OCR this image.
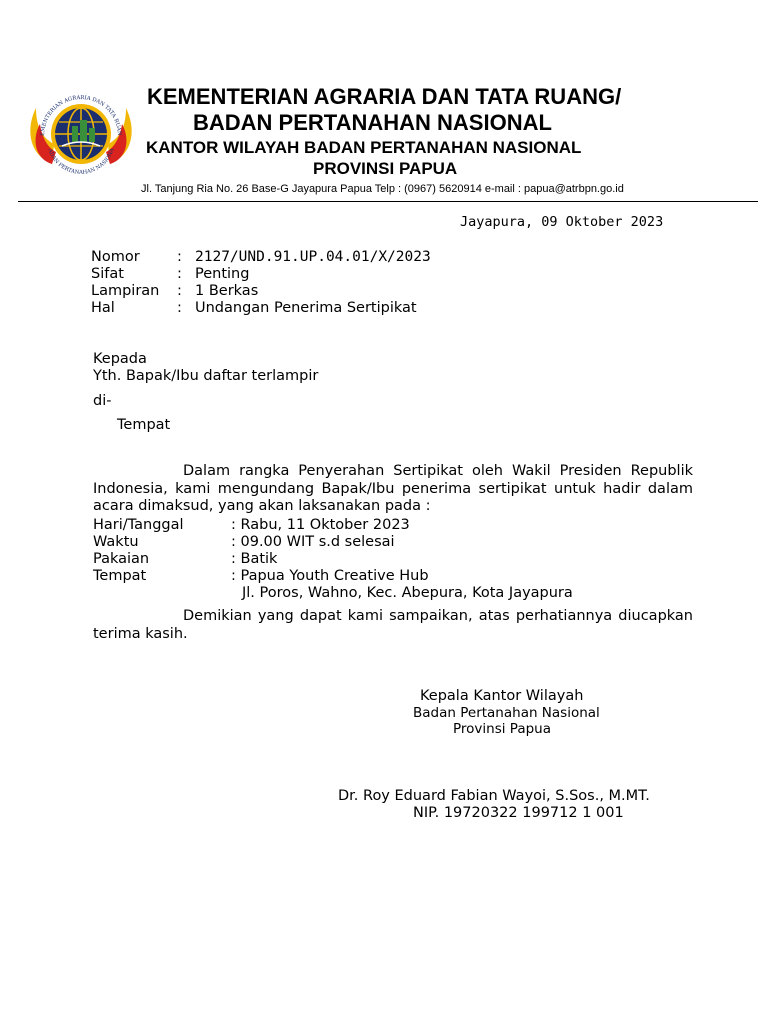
EMENTERIAN AGRARIA DAN TATA RUAN
ADAN PERTANAHAN NASIONA
KEMENTERIAN AGRARIA DAN TATA RUANG/
BADAN PERTANAHAN NASIONAL
KANTOR WILAYAH BADAN PERTANAHAN NASIONAL
PROVINSI PAPUA
Jl. Tanjung Ria No. 26 Base-G Jayapura Papua Telp : (0967) 5620914 e-mail : papua@atrbpn.go.id
Jayapura, 09 Oktober 2023
Nomor	: 2127/UND.91.UP.04.01/X/2023
Sifat	: Penting
Lampiran : 1 Berkas
Hal	: Undangan Penerima Sertipikat
Kepada
Yth. Bapak/Ibu daftar terlampir
di-
Tempat
Dalam rangka Penyerahan Sertipikat oleh Wakil Presiden Republik Indonesia, kami mengundang Bapak/Ibu penerima sertipikat untuk hadir dalam acara dimaksud, yang akan laksanakan pada :
Hari/Tanggal	: Rabu, 11 Oktober 2023
Waktu	: 09.00 WIT s.d selesai
Pakaian	: Batik
Tempat	: Papua Youth Creative Hub
Jl. Poros, Wahno, Kec. Abepura, Kota Jayapura
Demikian yang dapat kami sampaikan, atas perhatiannya diucapkan terima kasih.
Kepala Kantor Wilayah
Badan Pertanahan Nasional
Provinsi Papua
Dr. Roy Eduard Fabian Wayoi, S.Sos., M.MT.
NIP. 19720322 199712 1 001
